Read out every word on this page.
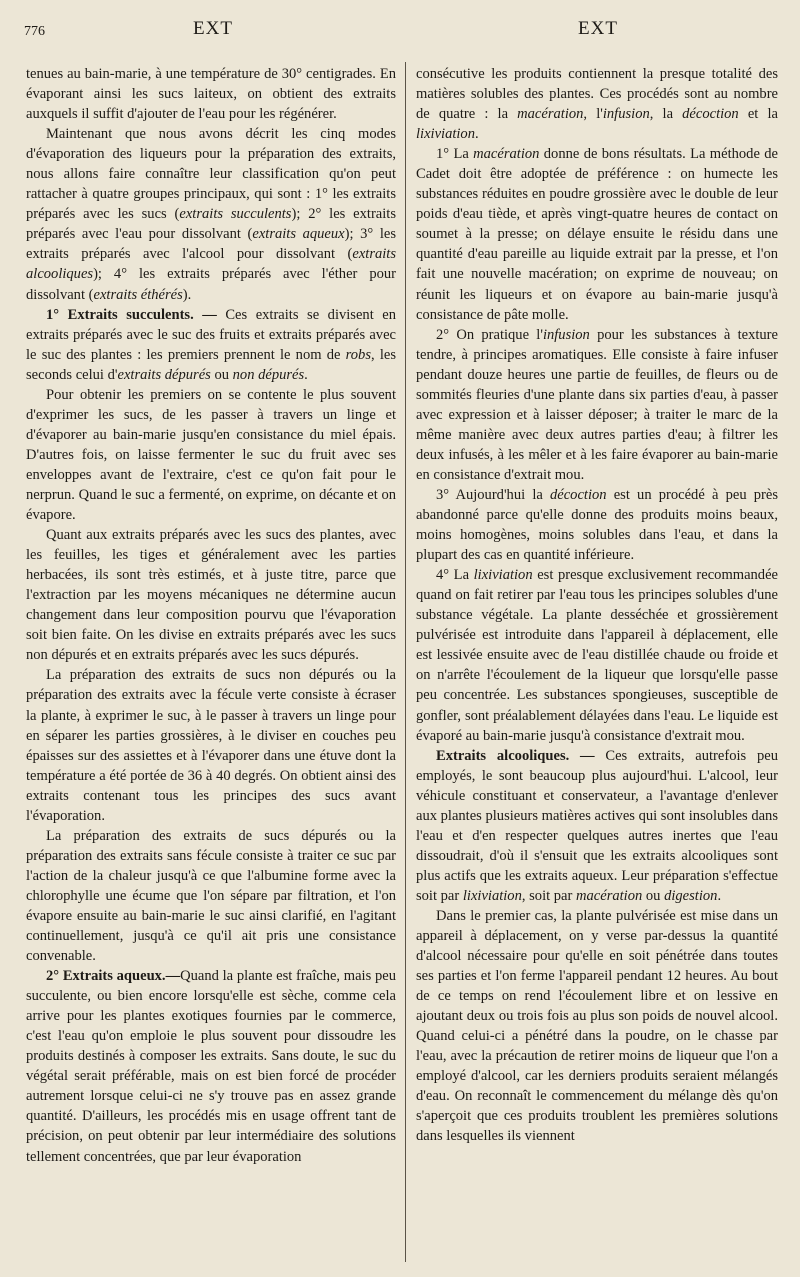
776	EXT	EXT

tenues au bain-marie, à une température de 30° centigrades. En évaporant ainsi les sucs laiteux, on obtient des extraits auxquels il suffit d'ajouter de l'eau pour les régénérer.

Maintenant que nous avons décrit les cinq modes d'évaporation des liqueurs pour la préparation des extraits, nous allons faire connaître leur classification qu'on peut rattacher à quatre groupes principaux, qui sont : 1° les extraits préparés avec les sucs (extraits succulents); 2° les extraits préparés avec l'eau pour dissolvant (extraits aqueux); 3° les extraits préparés avec l'alcool pour dissolvant (extraits alcooliques); 4° les extraits préparés avec l'éther pour dissolvant (extraits éthérés).

1° Extraits succulents. — Ces extraits se divisent en extraits préparés avec le suc des fruits et extraits préparés avec le suc des plantes : les premiers prennent le nom de robs, les seconds celui d'extraits dépurés ou non dépurés.

Pour obtenir les premiers on se contente le plus souvent d'exprimer les sucs, de les passer à travers un linge et d'évaporer au bain-marie jusqu'en consistance du miel épais. D'autres fois, on laisse fermenter le suc du fruit avec ses enveloppes avant de l'extraire, c'est ce qu'on fait pour le nerprun. Quand le suc a fermenté, on exprime, on décante et on évapore.

Quant aux extraits préparés avec les sucs des plantes, avec les feuilles, les tiges et généralement avec les parties herbacées, ils sont très estimés, et à juste titre, parce que l'extraction par les moyens mécaniques ne détermine aucun changement dans leur composition pourvu que l'évaporation soit bien faite. On les divise en extraits préparés avec les sucs non dépurés et en extraits préparés avec les sucs dépurés.

La préparation des extraits de sucs non dépurés ou la préparation des extraits avec la fécule verte consiste à écraser la plante, à exprimer le suc, à le passer à travers un linge pour en séparer les parties grossières, à le diviser en couches peu épaisses sur des assiettes et à l'évaporer dans une étuve dont la température a été portée de 36 à 40 degrés. On obtient ainsi des extraits contenant tous les principes des sucs avant l'évaporation.

La préparation des extraits de sucs dépurés ou la préparation des extraits sans fécule consiste à traiter ce suc par l'action de la chaleur jusqu'à ce que l'albumine forme avec la chlorophylle une écume que l'on sépare par filtration, et l'on évapore ensuite au bain-marie le suc ainsi clarifié, en l'agitant continuellement, jusqu'à ce qu'il ait pris une consistance convenable.

2° Extraits aqueux.—Quand la plante est fraîche, mais peu succulente, ou bien encore lorsqu'elle est sèche, comme cela arrive pour les plantes exotiques fournies par le commerce, c'est l'eau qu'on emploie le plus souvent pour dissoudre les produits destinés à composer les extraits. Sans doute, le suc du végétal serait préférable, mais on est bien forcé de procéder autrement lorsque celui-ci ne s'y trouve pas en assez grande quantité. D'ailleurs, les procédés mis en usage offrent tant de précision, on peut obtenir par leur intermédiaire des solutions tellement concentrées, que par leur évaporation

consécutive les produits contiennent la presque totalité des matières solubles des plantes. Ces procédés sont au nombre de quatre : la macération, l'infusion, la décoction et la lixiviation.

1° La macération donne de bons résultats. La méthode de Cadet doit être adoptée de préférence : on humecte les substances réduites en poudre grossière avec le double de leur poids d'eau tiède, et après vingt-quatre heures de contact on soumet à la presse; on délaye ensuite le résidu dans une quantité d'eau pareille au liquide extrait par la presse, et l'on fait une nouvelle macération; on exprime de nouveau; on réunit les liqueurs et on évapore au bain-marie jusqu'à consistance de pâte molle.

2° On pratique l'infusion pour les substances à texture tendre, à principes aromatiques. Elle consiste à faire infuser pendant douze heures une partie de feuilles, de fleurs ou de sommités fleuries d'une plante dans six parties d'eau, à passer avec expression et à laisser déposer; à traiter le marc de la même manière avec deux autres parties d'eau; à filtrer les deux infusés, à les mêler et à les faire évaporer au bain-marie en consistance d'extrait mou.

3° Aujourd'hui la décoction est un procédé à peu près abandonné parce qu'elle donne des produits moins beaux, moins homogènes, moins solubles dans l'eau, et dans la plupart des cas en quantité inférieure.

4° La lixiviation est presque exclusivement recommandée quand on fait retirer par l'eau tous les principes solubles d'une substance végétale. La plante desséchée et grossièrement pulvérisée est introduite dans l'appareil à déplacement, elle est lessivée ensuite avec de l'eau distillée chaude ou froide et on n'arrête l'écoulement de la liqueur que lorsqu'elle passe peu concentrée. Les substances spongieuses, susceptible de gonfler, sont préalablement délayées dans l'eau. Le liquide est évaporé au bain-marie jusqu'à consistance d'extrait mou.

Extraits alcooliques. — Ces extraits, autrefois peu employés, le sont beaucoup plus aujourd'hui. L'alcool, leur véhicule constituant et conservateur, a l'avantage d'enlever aux plantes plusieurs matières actives qui sont insolubles dans l'eau et d'en respecter quelques autres inertes que l'eau dissoudrait, d'où il s'ensuit que les extraits alcooliques sont plus actifs que les extraits aqueux. Leur préparation s'effectue soit par lixiviation, soit par macération ou digestion.

Dans le premier cas, la plante pulvérisée est mise dans un appareil à déplacement, on y verse par-dessus la quantité d'alcool nécessaire pour qu'elle en soit pénétrée dans toutes ses parties et l'on ferme l'appareil pendant 12 heures. Au bout de ce temps on rend l'écoulement libre et on lessive en ajoutant deux ou trois fois au plus son poids de nouvel alcool. Quand celui-ci a pénétré dans la poudre, on le chasse par l'eau, avec la précaution de retirer moins de liqueur que l'on a employé d'alcool, car les derniers produits seraient mélangés d'eau. On reconnaît le commencement du mélange dès qu'on s'aperçoit que ces produits troublent les premières solutions dans lesquelles ils viennent
